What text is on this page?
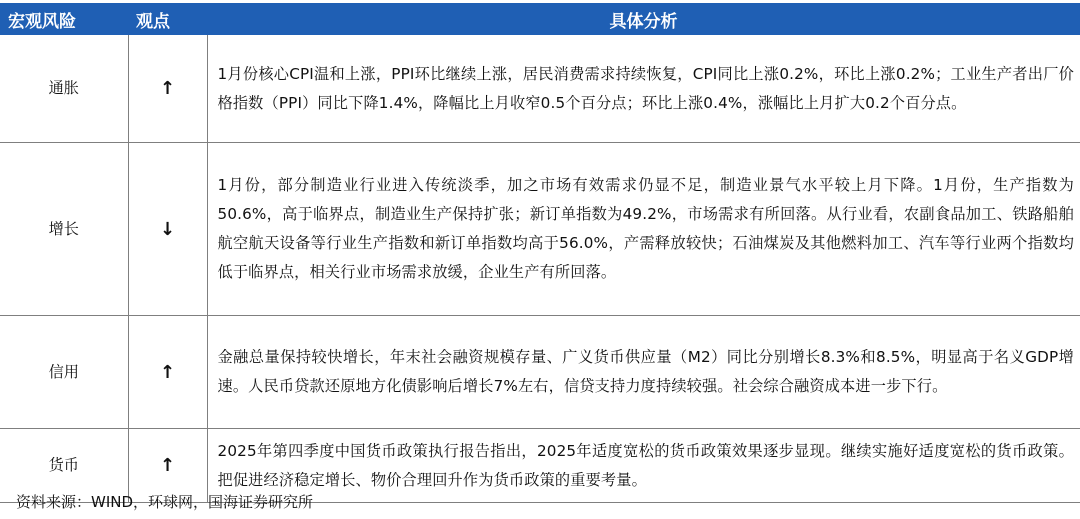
宏观风险	观点	具体分析
通胀	↑	1月份核心CPI温和上涨，PPI环比继续上涨，居民消费需求持续恢复，CPI同比上涨0.2%，环比上涨0.2%；工业生产者出厂价格指数（PPI）同比下降1.4%，降幅比上月收窄0.5个百分点；环比上涨0.4%，涨幅比上月扩大0.2个百分点。
增长	↓	1月份，部分制造业行业进入传统淡季，加之市场有效需求仍显不足，制造业景气水平较上月下降。1月份，生产指数为50.6%，高于临界点，制造业生产保持扩张；新订单指数为49.2%，市场需求有所回落。从行业看，农副食品加工、铁路船舶航空航天设备等行业生产指数和新订单指数均高于56.0%，产需释放较快；石油煤炭及其他燃料加工、汽车等行业两个指数均低于临界点，相关行业市场需求放缓，企业生产有所回落。
信用	↑	金融总量保持较快增长，年末社会融资规模存量、广义货币供应量（M2）同比分别增长8.3%和8.5%，明显高于名义GDP增速。人民币贷款还原地方化债影响后增长7%左右，信贷支持力度持续较强。社会综合融资成本进一步下行。
货币	↑	2025年第四季度中国货币政策执行报告指出，2025年适度宽松的货币政策效果逐步显现。继续实施好适度宽松的货币政策。把促进经济稳定增长、物价合理回升作为货币政策的重要考量。
资料来源：WIND，环球网，国海证券研究所
